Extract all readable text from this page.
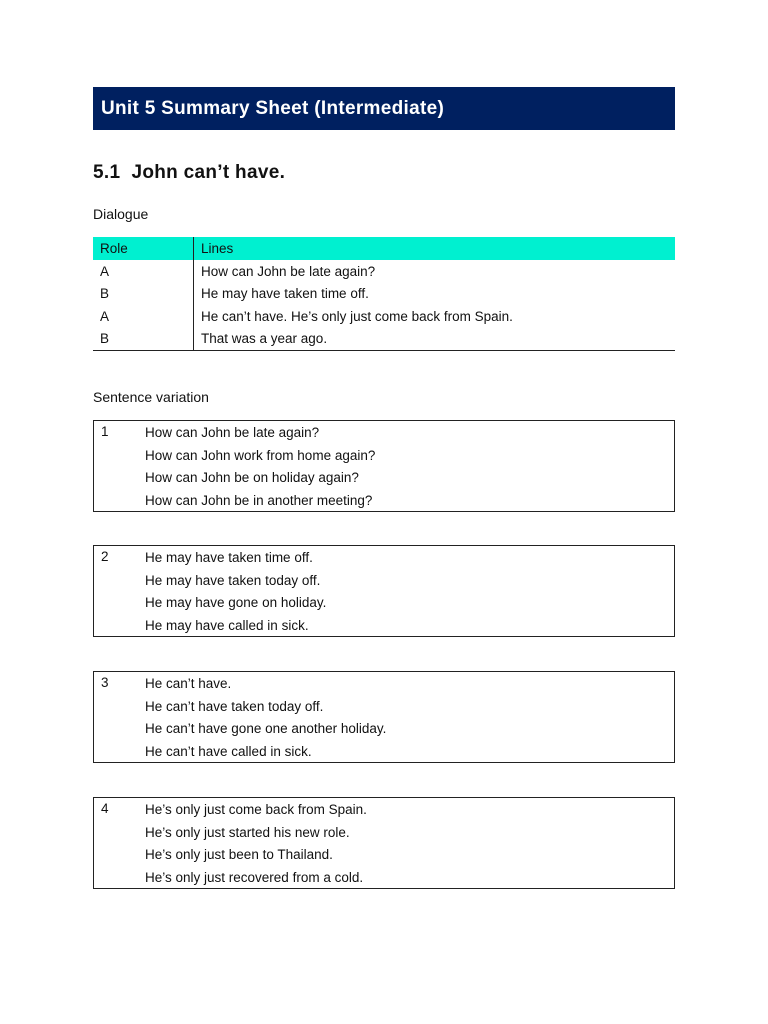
Unit 5 Summary Sheet (Intermediate)
5.1  John can’t have.
Dialogue
Role	Lines
A	How can John be late again?
B	He may have taken time off.
A	He can’t have. He’s only just come back from Spain.
B	That was a year ago.
Sentence variation
1	How can John be late again?
How can John work from home again?
How can John be on holiday again?
How can John be in another meeting?
2	He may have taken time off.
He may have taken today off.
He may have gone on holiday.
He may have called in sick.
3	He can’t have.
He can’t have taken today off.
He can’t have gone one another holiday.
He can’t have called in sick.
4	He’s only just come back from Spain.
He’s only just started his new role.
He’s only just been to Thailand.
He’s only just recovered from a cold.
